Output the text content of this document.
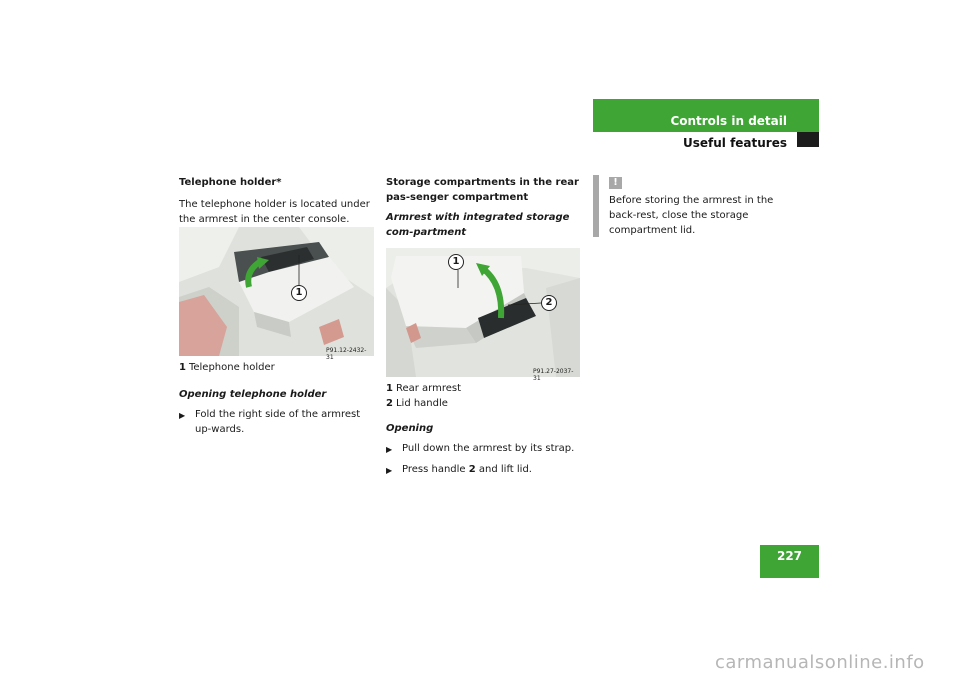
Controls in detail
Useful features
Telephone holder*
The telephone holder is located under the armrest in the center console.
1
P91.12-2432-31
1 Telephone holder
Opening telephone holder
▶ Fold the right side of the armrest up-wards.
Storage compartments in the rear pas-senger compartment
Armrest with integrated storage com-partment
1
2
P91.27-2037-31
1 Rear armrest
2 Lid handle
Opening
▶ Pull down the armrest by its strap.
▶ Press handle 2 and lift lid.
!
Before storing the armrest in the back-rest, close the storage compartment lid.
227
carmanualsonline.info
